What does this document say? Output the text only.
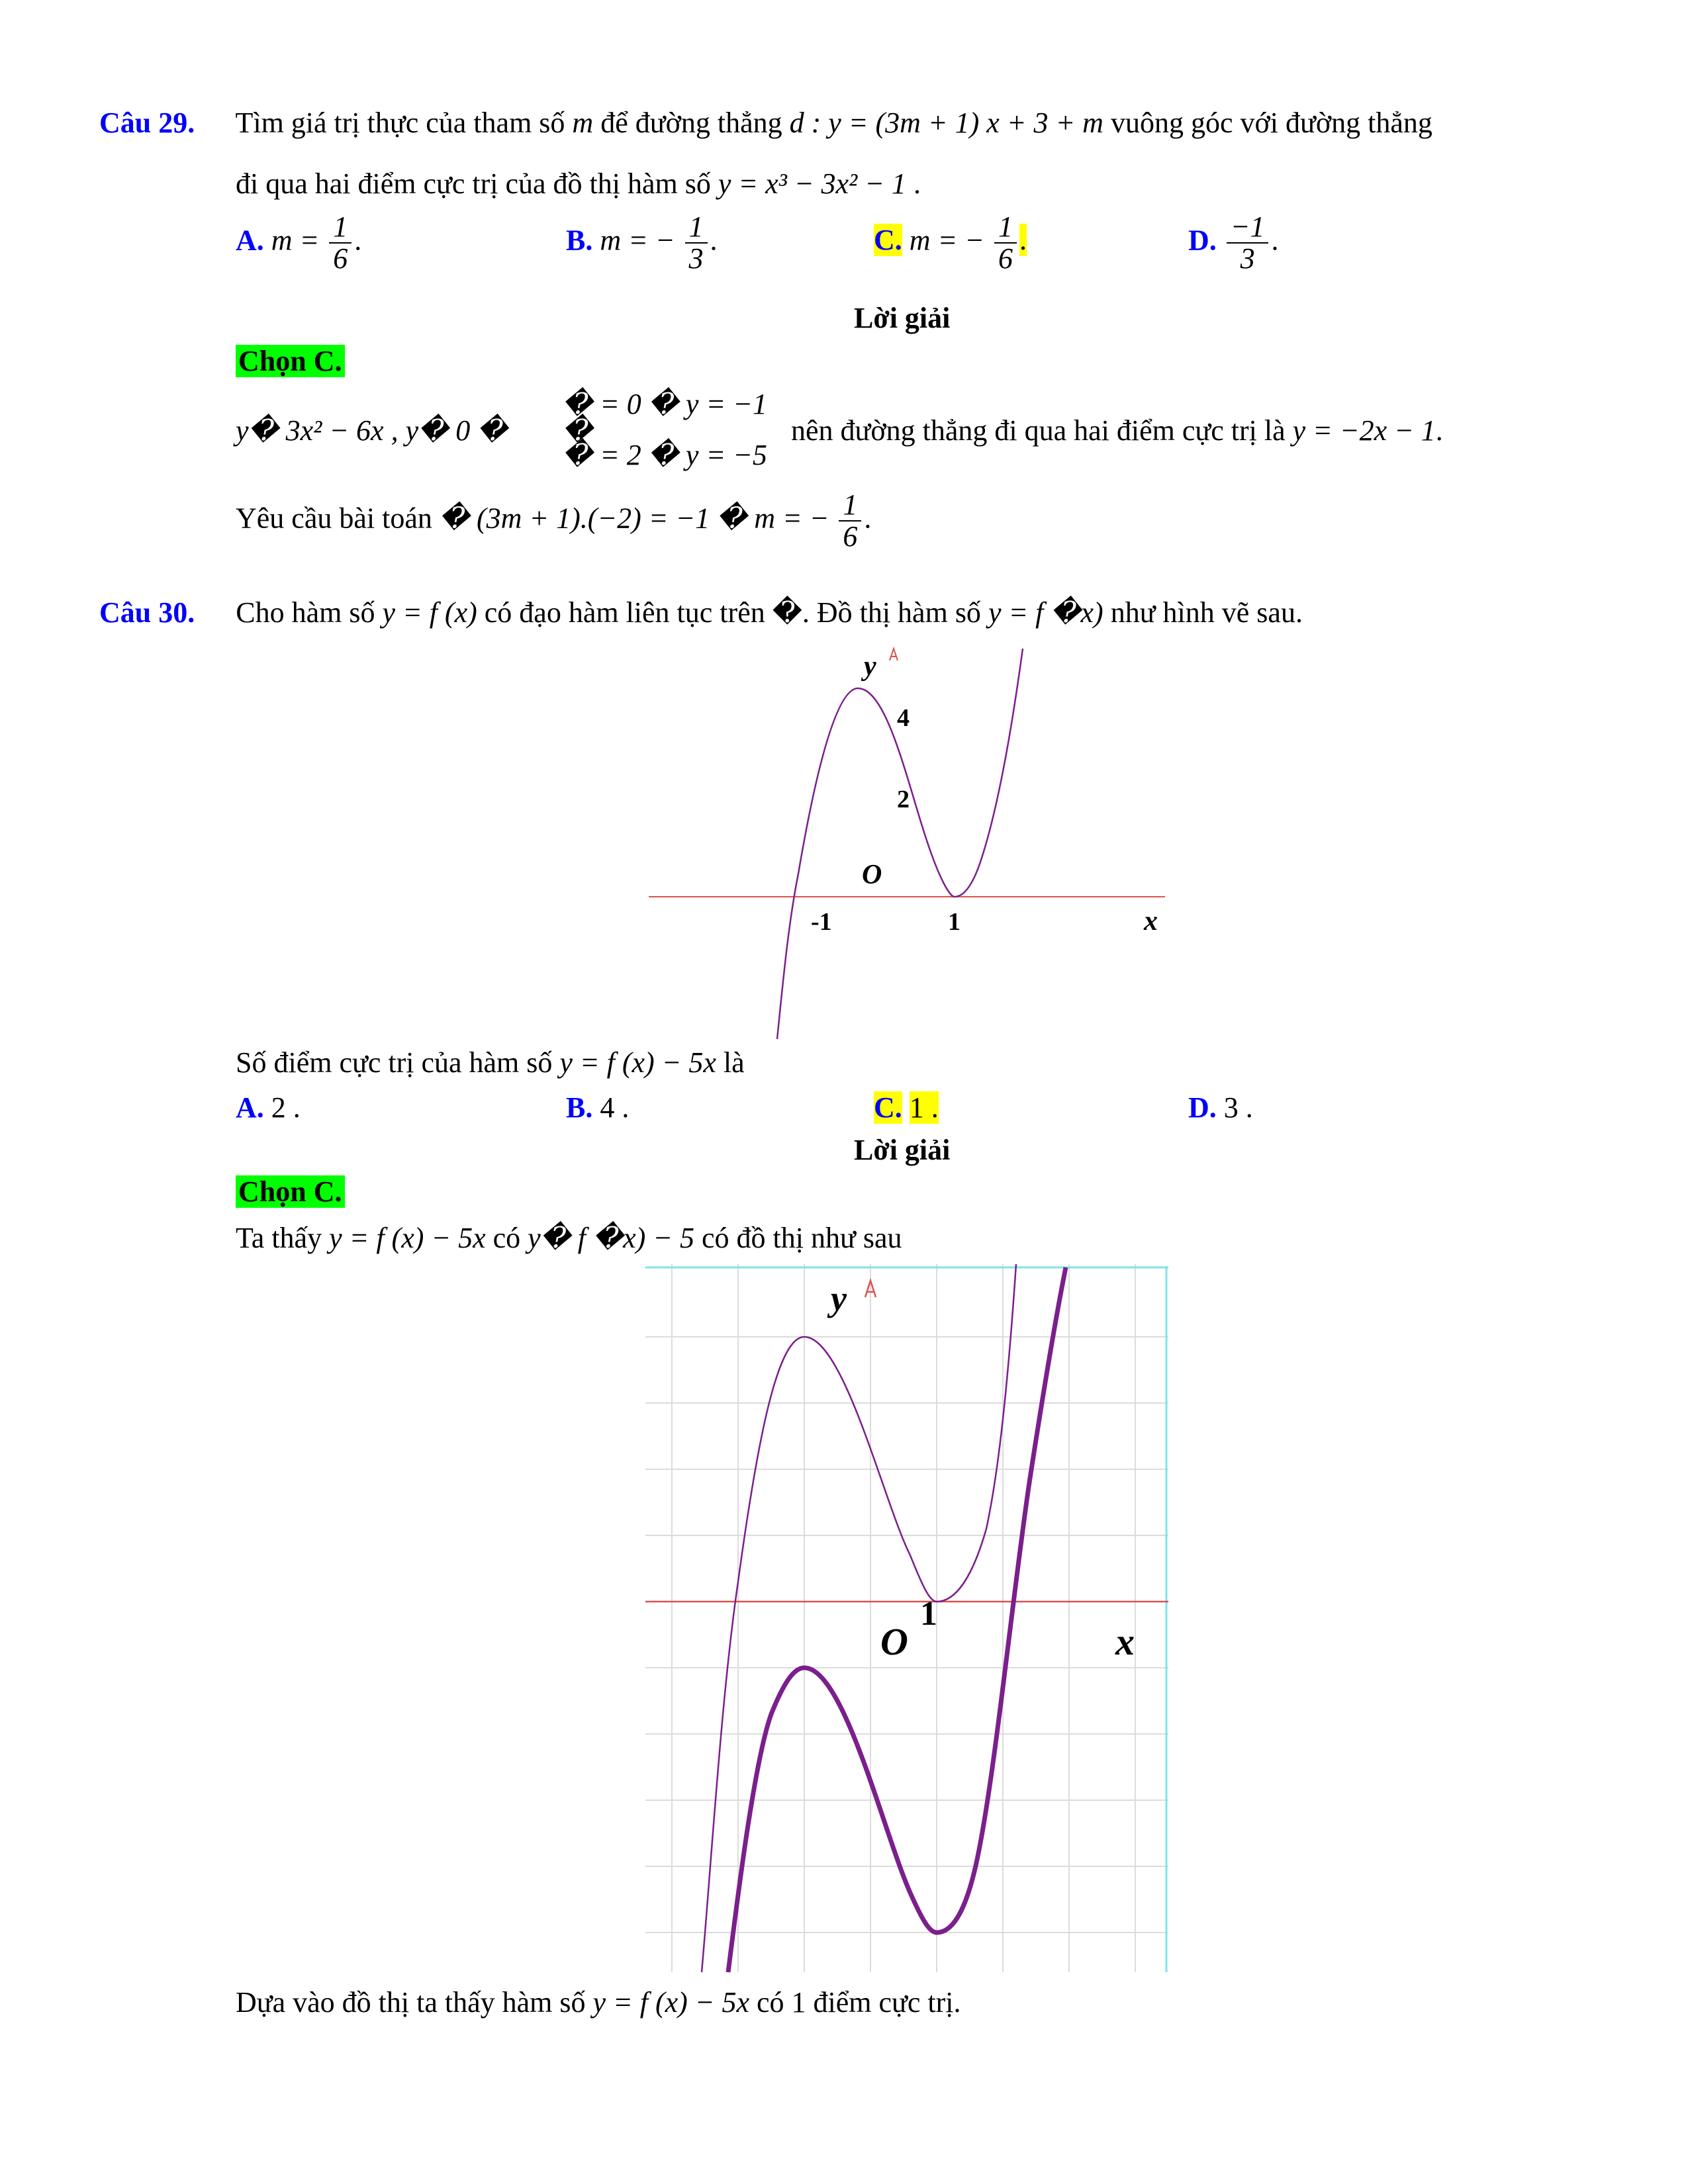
Câu 29. Tìm giá trị thực của tham số m để đường thẳng d : y = (3m + 1) x + 3 + m vuông góc với đường thẳng
đi qua hai điểm cực trị của đồ thị hàm số y = x³ − 3x² − 1 .
A. $m = \frac{1}{6}$ .	B. m = − $\frac{1}{3}$ .	C. m = − $\frac{1}{6}$ .	D. $\frac{-1}{3}$ .
Lời giải
Chọn C.
y� 3x² − 6x , y� 0 �
� = 0 � y = −1
�
� = 2 � y = −5
nên đường thẳng đi qua hai điểm cực trị là y = −2x − 1.
Yêu cầu bài toán � (3m + 1).(−2) = −1 � m = − $\frac{1}{6}$ .
Câu 30. Cho hàm số y = f (x) có đạo hàm liên tục trên �. Đồ thị hàm số y = f �x) như hình vẽ sau.
y
4
2
O
-1	1	x
Số điểm cực trị của hàm số y = f (x) − 5x là
A. 2 .	B. 4 .	C. 1 .	D. 3 .
Lời giải
Chọn C.
Ta thấy y = f (x) − 5x có y� f �x) − 5 có đồ thị như sau
y
O
1
x
Dựa vào đồ thị ta thấy hàm số y = f (x) − 5x có 1 điểm cực trị.
